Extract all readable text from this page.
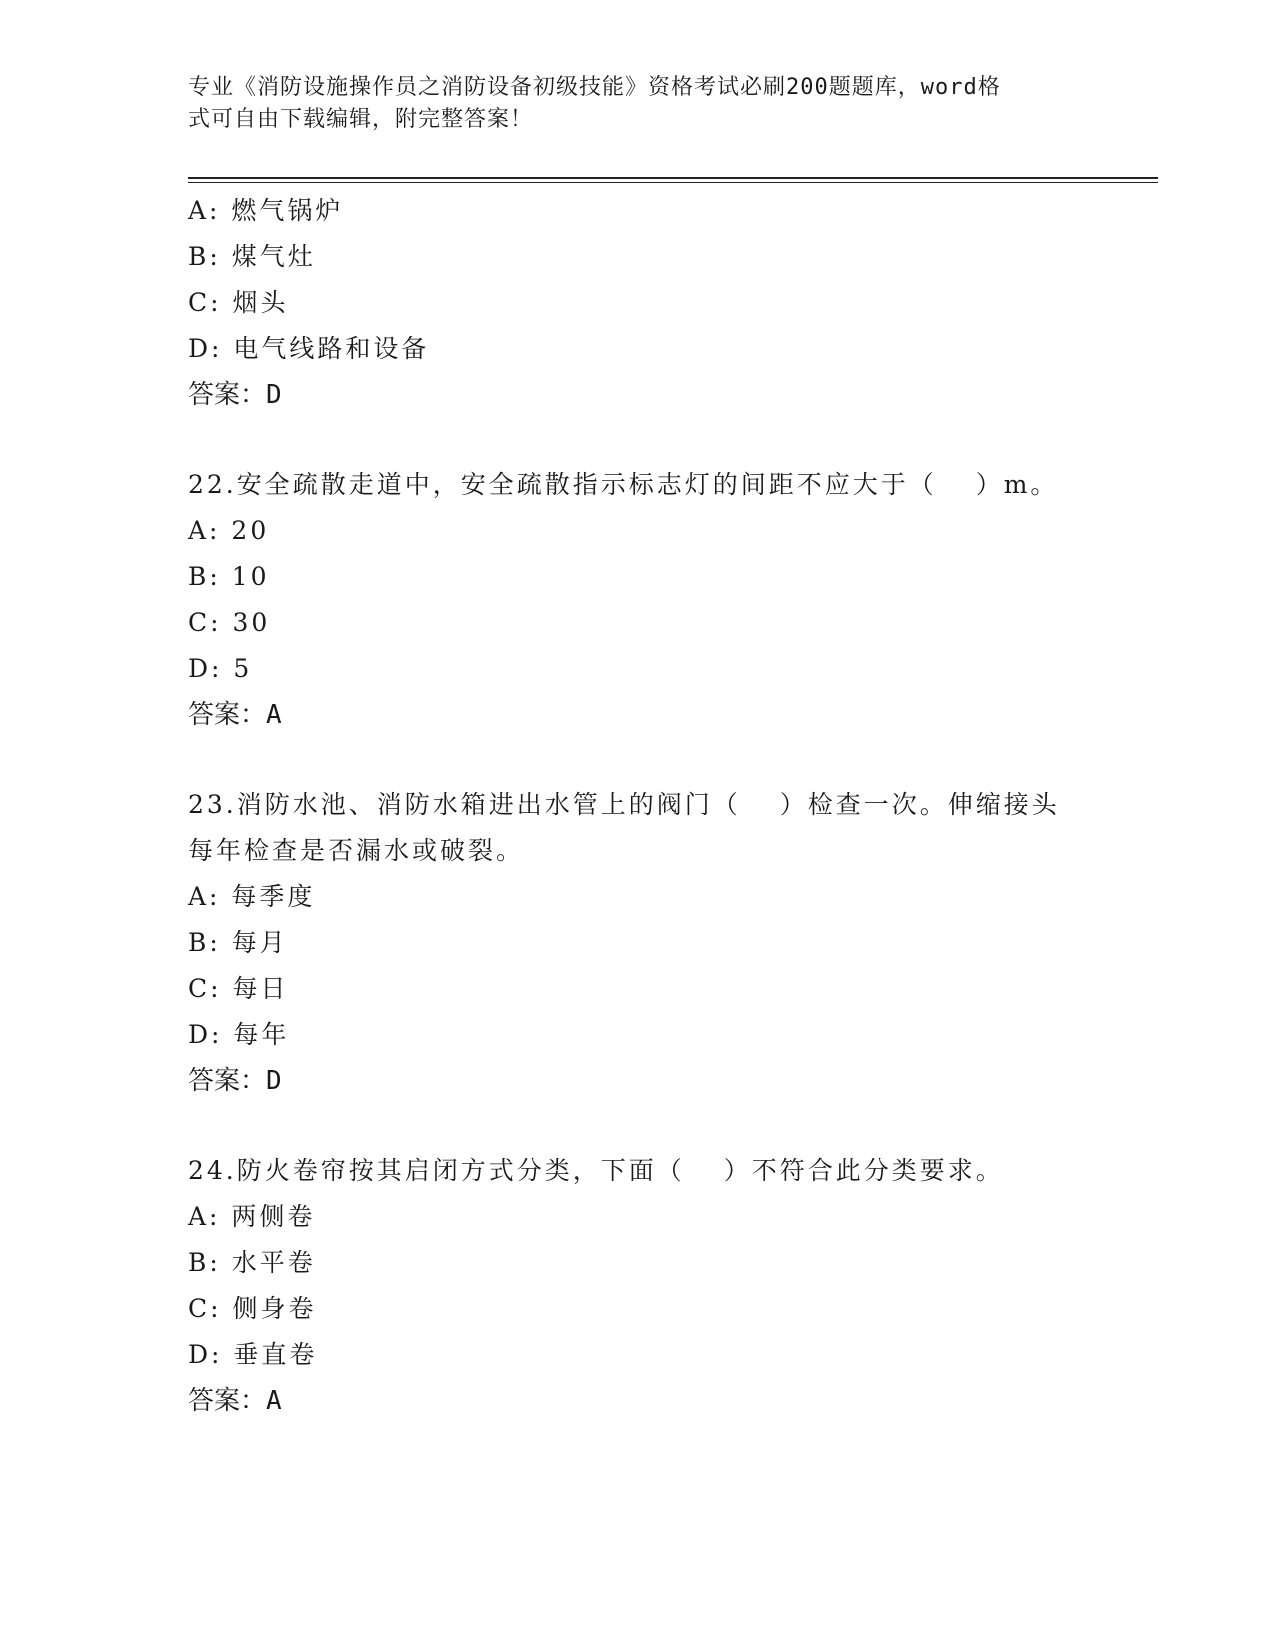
专业《消防设施操作员之消防设备初级技能》资格考试必刷200题题库，word格
式可自由下载编辑，附完整答案！
A: 燃气锅炉
B: 煤气灶
C: 烟头
D: 电气线路和设备
答案：D
22.安全疏散走道中，安全疏散指示标志灯的间距不应大于（　 ）m。
A: 20
B: 10
C: 30
D: 5
答案：A
23.消防水池、消防水箱进出水管上的阀门（　 ）检查一次。伸缩接头
每年检查是否漏水或破裂。
A: 每季度
B: 每月
C: 每日
D: 每年
答案：D
24.防火卷帘按其启闭方式分类，下面（　 ）不符合此分类要求。
A: 两侧卷
B: 水平卷
C: 侧身卷
D: 垂直卷
答案：A
